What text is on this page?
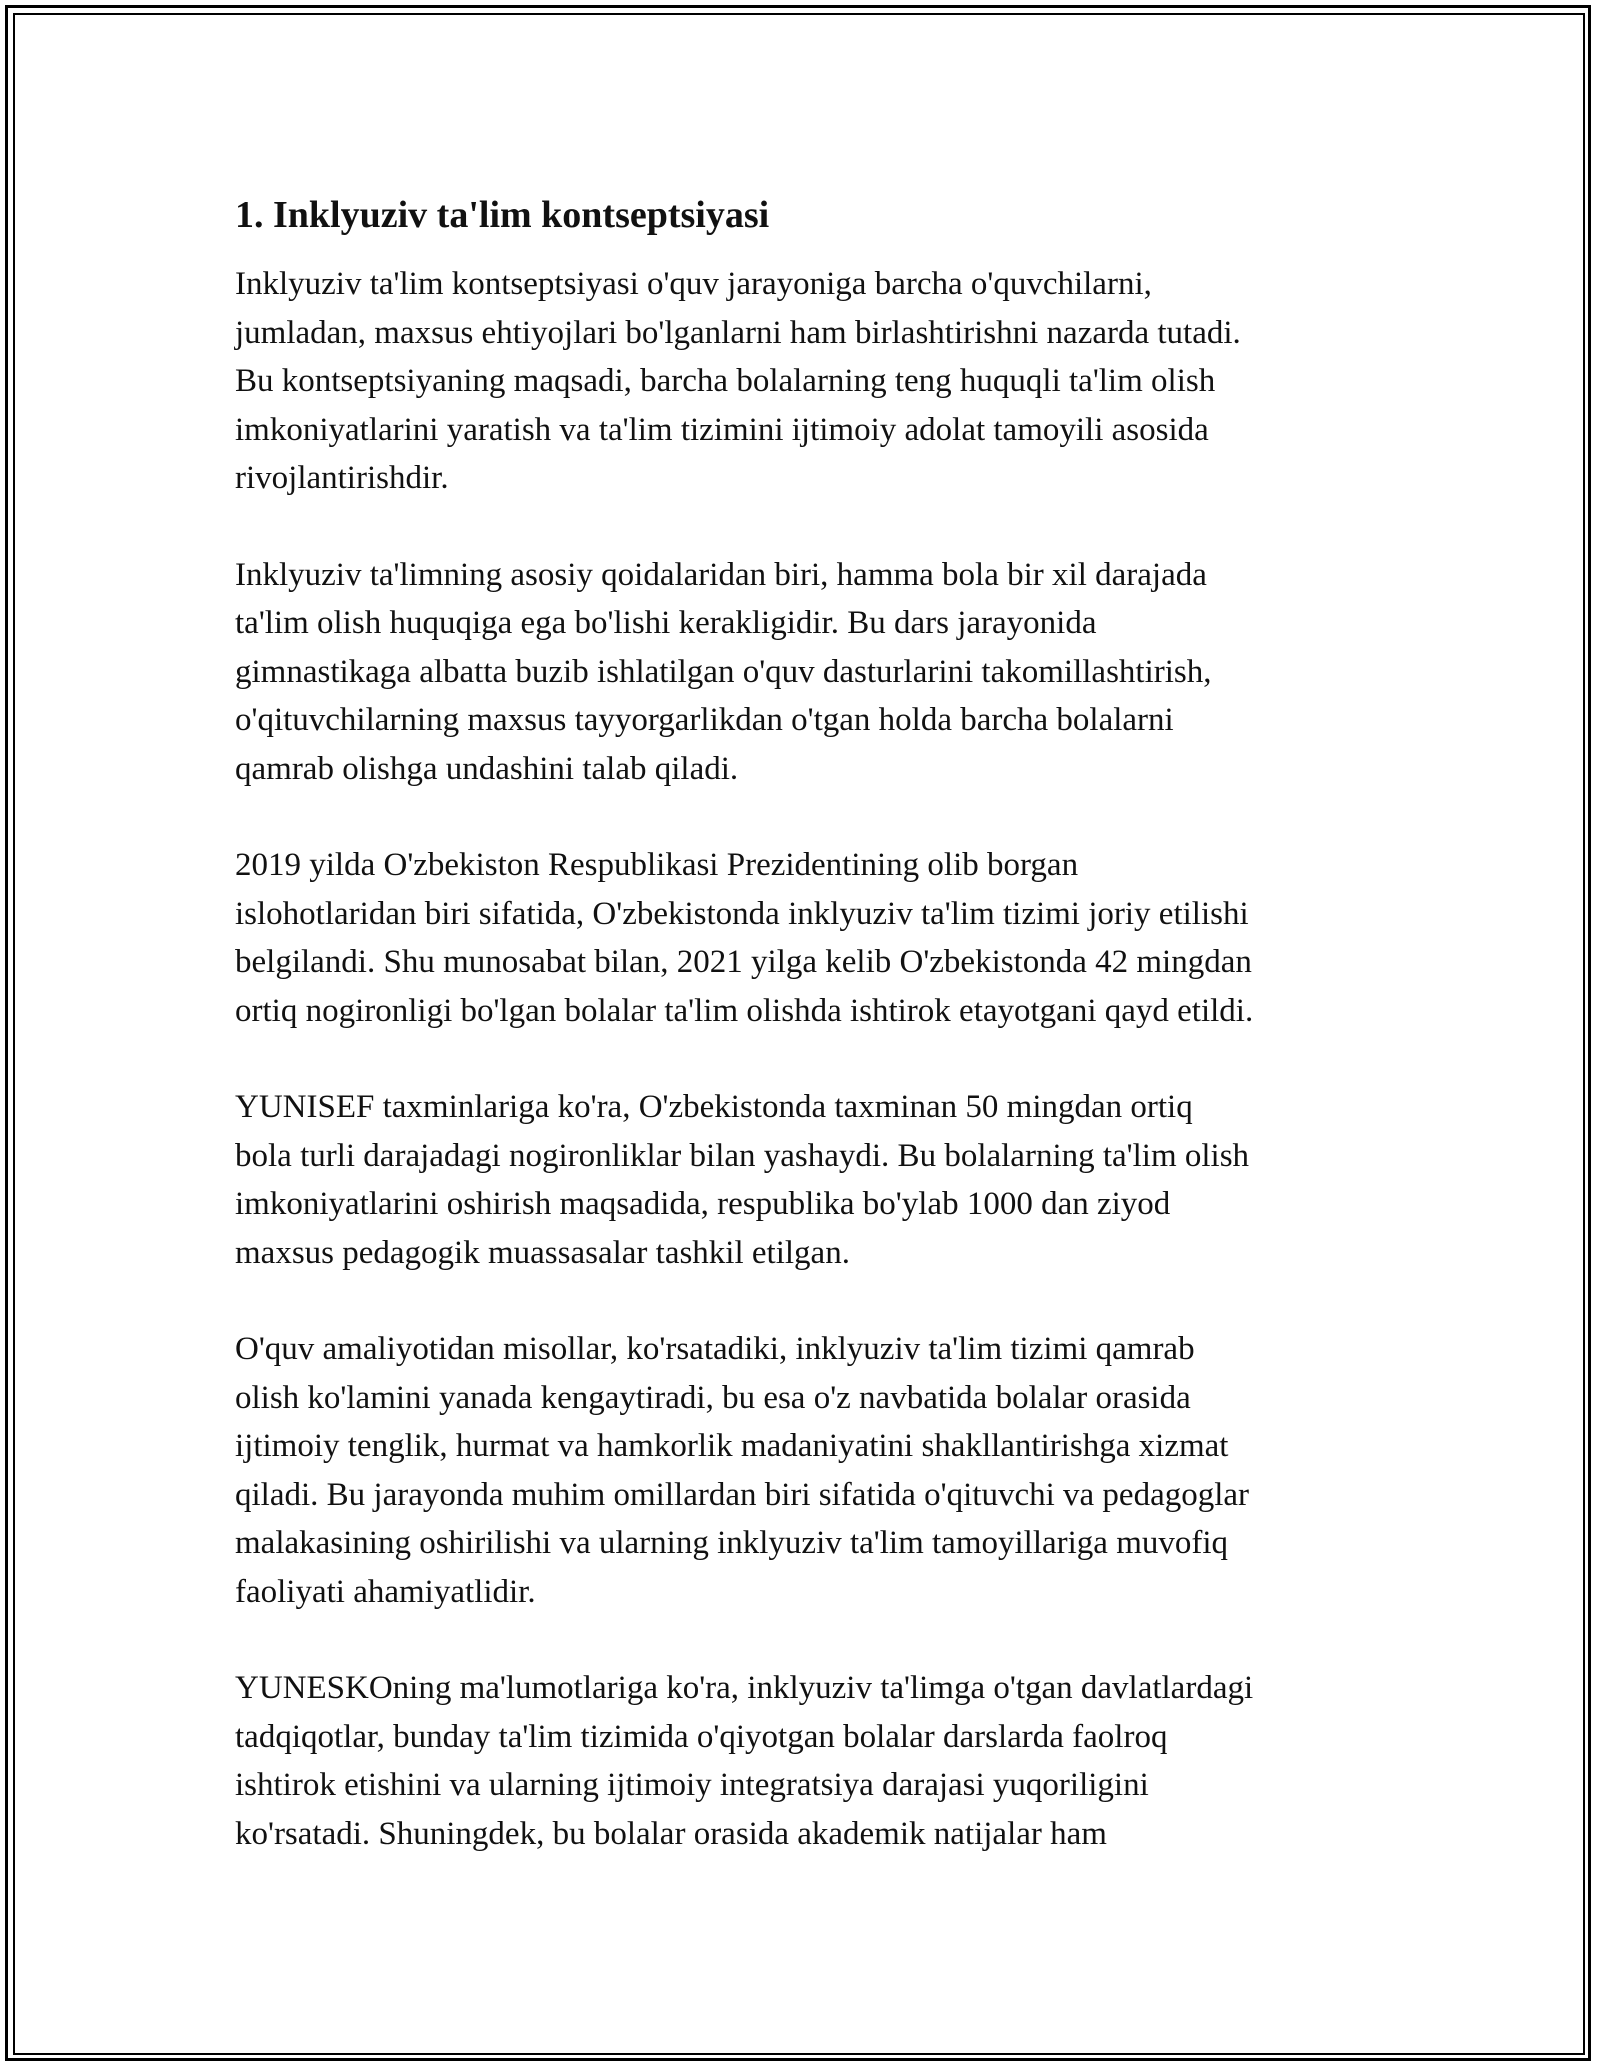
1. Inklyuziv ta'lim kontseptsiyasi
Inklyuziv ta'lim kontseptsiyasi o'quv jarayoniga barcha o'quvchilarni,
jumladan, maxsus ehtiyojlari bo'lganlarni ham birlashtirishni nazarda tutadi.
Bu kontseptsiyaning maqsadi, barcha bolalarning teng huquqli ta'lim olish
imkoniyatlarini yaratish va ta'lim tizimini ijtimoiy adolat tamoyili asosida
rivojlantirishdir.
Inklyuziv ta'limning asosiy qoidalaridan biri, hamma bola bir xil darajada
ta'lim olish huquqiga ega bo'lishi kerakligidir. Bu dars jarayonida
gimnastikaga albatta buzib ishlatilgan o'quv dasturlarini takomillashtirish,
o'qituvchilarning maxsus tayyorgarlikdan o'tgan holda barcha bolalarni
qamrab olishga undashini talab qiladi.
2019 yilda O'zbekiston Respublikasi Prezidentining olib borgan
islohotlaridan biri sifatida, O'zbekistonda inklyuziv ta'lim tizimi joriy etilishi
belgilandi. Shu munosabat bilan, 2021 yilga kelib O'zbekistonda 42 mingdan
ortiq nogironligi bo'lgan bolalar ta'lim olishda ishtirok etayotgani qayd etildi.
YUNISEF taxminlariga ko'ra, O'zbekistonda taxminan 50 mingdan ortiq
bola turli darajadagi nogironliklar bilan yashaydi. Bu bolalarning ta'lim olish
imkoniyatlarini oshirish maqsadida, respublika bo'ylab 1000 dan ziyod
maxsus pedagogik muassasalar tashkil etilgan.
O'quv amaliyotidan misollar, ko'rsatadiki, inklyuziv ta'lim tizimi qamrab
olish ko'lamini yanada kengaytiradi, bu esa o'z navbatida bolalar orasida
ijtimoiy tenglik, hurmat va hamkorlik madaniyatini shakllantirishga xizmat
qiladi. Bu jarayonda muhim omillardan biri sifatida o'qituvchi va pedagoglar
malakasining oshirilishi va ularning inklyuziv ta'lim tamoyillariga muvofiq
faoliyati ahamiyatlidir.
YUNESKOning ma'lumotlariga ko'ra, inklyuziv ta'limga o'tgan davlatlardagi
tadqiqotlar, bunday ta'lim tizimida o'qiyotgan bolalar darslarda faolroq
ishtirok etishini va ularning ijtimoiy integratsiya darajasi yuqoriligini
ko'rsatadi. Shuningdek, bu bolalar orasida akademik natijalar ham
